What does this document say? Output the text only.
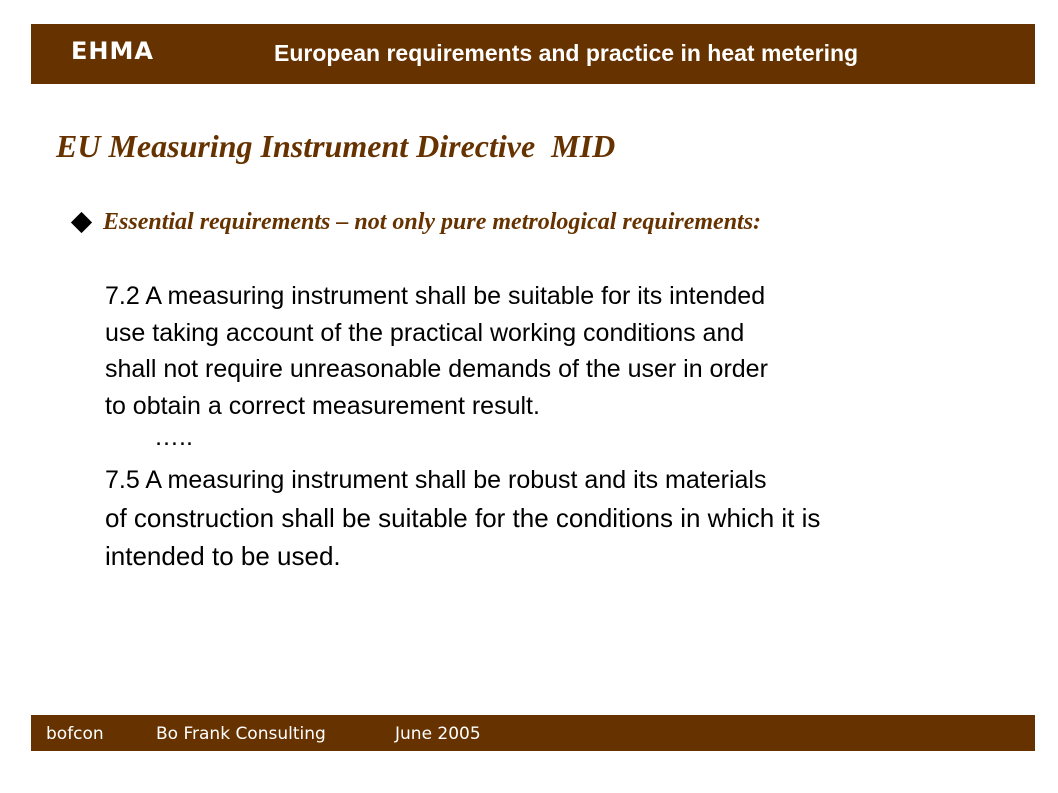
EHMA	European requirements and practice in heat metering
EU Measuring Instrument Directive  MID
Essential requirements – not only pure metrological requirements:

7.2 A measuring instrument shall be suitable for its intended
use taking account of the practical working conditions and
shall not require unreasonable demands of the user in order
to obtain a correct measurement result.

…..

7.5 A measuring instrument shall be robust and its materials
of construction shall be suitable for the conditions in which it is
intended to be used.

bofcon	Bo Frank Consulting	June 2005
